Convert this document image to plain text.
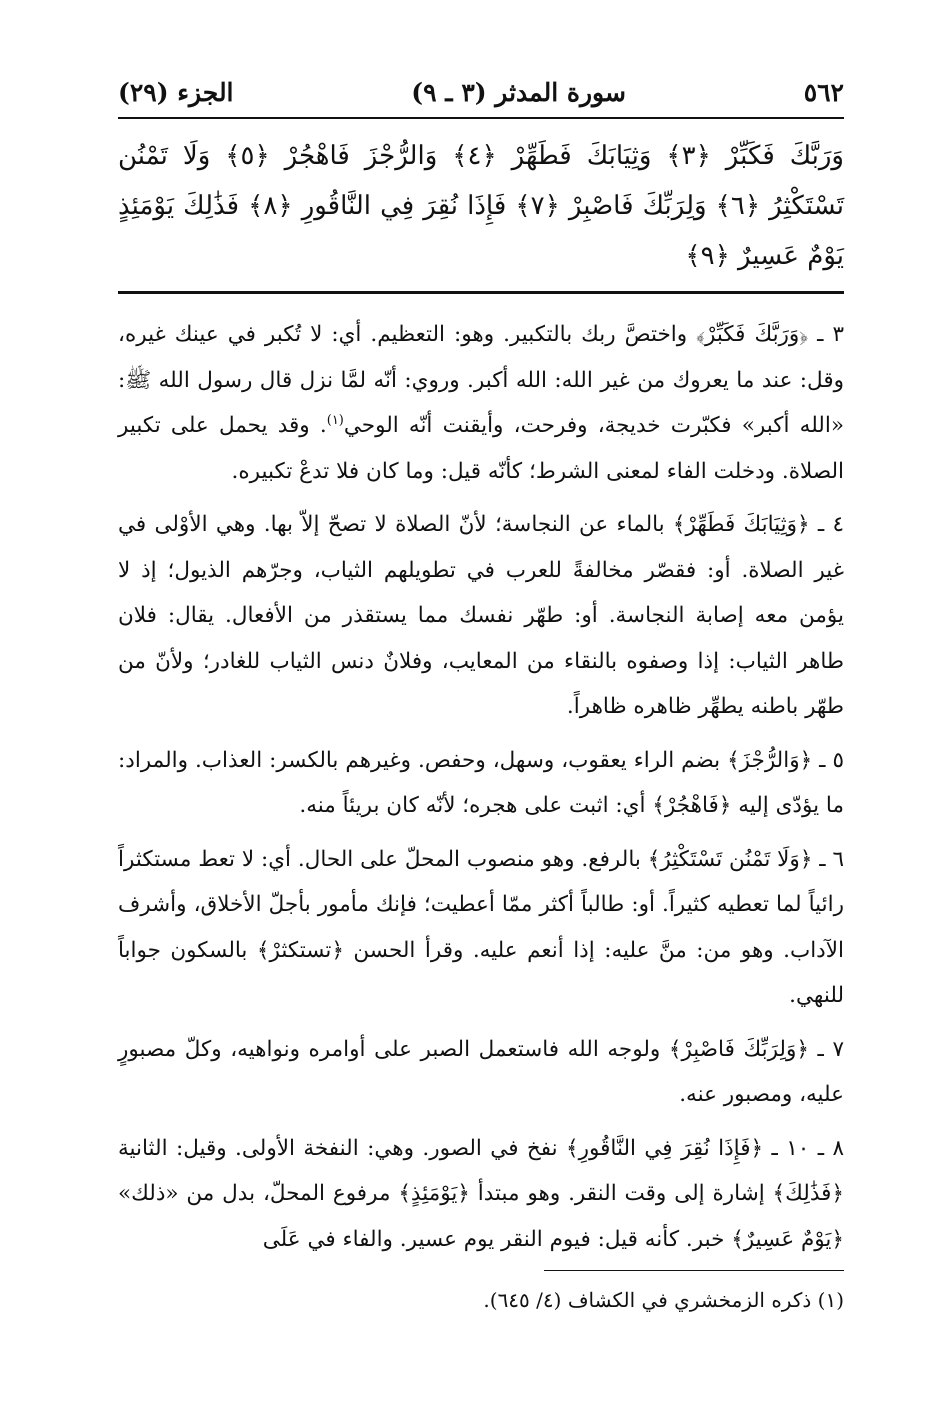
٥٦٢
سورة المدثر (٣ ـ ٩)
الجزء (٢٩)
وَرَبَّكَ فَكَبِّرْ ﴿٣﴾ وَثِيَابَكَ فَطَهِّرْ ﴿٤﴾ وَالرُّجْزَ فَاهْجُرْ ﴿٥﴾ وَلَا تَمْنُن تَسْتَكْثِرُ ﴿٦﴾ وَلِرَبِّكَ فَاصْبِرْ ﴿٧﴾ فَإِذَا نُقِرَ فِي النَّاقُورِ ﴿٨﴾ فَذَٰلِكَ يَوْمَئِذٍ يَوْمٌ عَسِيرٌ ﴿٩﴾

٣ ـ ﴿وَرَبَّكَ فَكَبِّرْ﴾ واختصَّ ربك بالتكبير. وهو: التعظيم. أي: لا تُكبر في عينك غيره، وقل: عند ما يعروك من غير الله: الله أكبر. وروي: أنّه لمَّا نزل قال رسول الله ﷺ: «الله أكبر» فكبّرت خديجة، وفرحت، وأيقنت أنّه الوحي$^{(١)}$. وقد يحمل على تكبير الصلاة. ودخلت الفاء لمعنى الشرط؛ كأنّه قيل: وما كان فلا تدعْ تكبيره.

٤ ـ ﴿وَثِيَابَكَ فَطَهِّرْ﴾ بالماء عن النجاسة؛ لأنّ الصلاة لا تصحّ إلاّ بها. وهي الأوْلى في غير الصلاة. أو: فقصّر مخالفةً للعرب في تطويلهم الثياب، وجرّهم الذيول؛ إذ لا يؤمن معه إصابة النجاسة. أو: طهّر نفسك مما يستقذر من الأفعال. يقال: فلان طاهر الثياب: إذا وصفوه بالنقاء من المعايب، وفلانٌ دنس الثياب للغادر؛ ولأنّ من طهّر باطنه يطهِّر ظاهره ظاهراً.

٥ ـ ﴿وَالرُّجْزَ﴾ بضم الراء يعقوب، وسهل، وحفص. وغيرهم بالكسر: العذاب. والمراد: ما يؤدّى إليه ﴿فَاهْجُرْ﴾ أي: اثبت على هجره؛ لأنّه كان بريئاً منه.

٦ ـ ﴿وَلَا تَمْنُن تَسْتَكْثِرُ﴾ بالرفع. وهو منصوب المحلّ على الحال. أي: لا تعط مستكثراً رائياً لما تعطيه كثيراً. أو: طالباً أكثر ممّا أعطيت؛ فإنك مأمور بأجلّ الأخلاق، وأشرف الآداب. وهو من: منَّ عليه: إذا أنعم عليه. وقرأ الحسن ﴿تستكثرْ﴾ بالسكون جواباً للنهي.

٧ ـ ﴿وَلِرَبِّكَ فَاصْبِرْ﴾ ولوجه الله فاستعمل الصبر على أوامره ونواهيه، وكلّ مصبورٍ عليه، ومصبور عنه.

٨ ـ ١٠ ـ ﴿فَإِذَا نُقِرَ فِي النَّاقُورِ﴾ نفخ في الصور. وهي: النفخة الأولى. وقيل: الثانية ﴿فَذَٰلِكَ﴾ إشارة إلى وقت النقر. وهو مبتدأ ﴿يَوْمَئِذٍ﴾ مرفوع المحلّ، بدل من «ذلك» ﴿يَوْمٌ عَسِيرٌ﴾ خبر. كأنه قيل: فيوم النقر يوم عسير. والفاء في عَلَى

(١) ذكره الزمخشري في الكشاف (٤/ ٦٤٥).
